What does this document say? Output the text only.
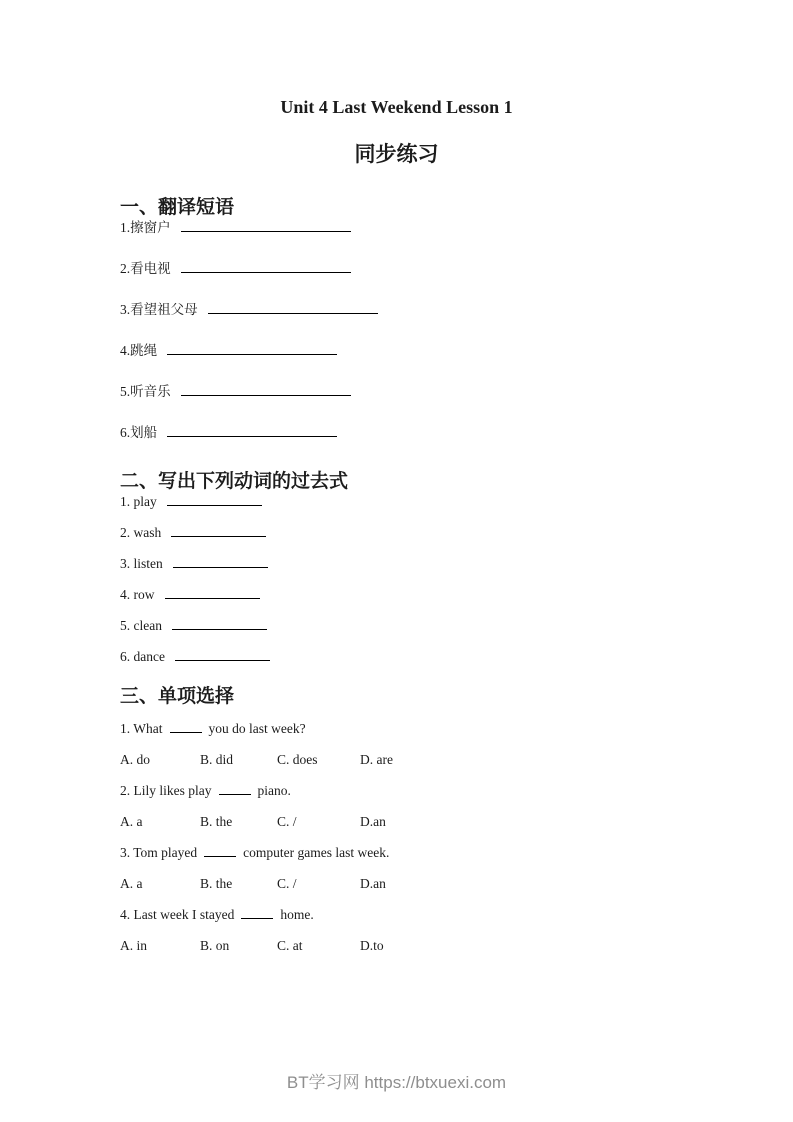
Unit 4 Last Weekend Lesson 1
同步练习
一、翻译短语
1.擦窗户
2.看电视
3.看望祖父母
4.跳绳
5.听音乐
6.划船
二、写出下列动词的过去式
1. play
2. wash
3. listen
4. row
5. clean
6. dance
三、单项选择
1. What	you do last week?
A. do	B. did	C. does	D. are
2. Lily likes play	piano.
A. a	B. the	C. /	D.an
3. Tom played	computer games last week.
A. a	B. the	C. /	D.an
4. Last week I stayed	home.
A. in	B. on	C. at	D.to
BT学习网 https://btxuexi.com
